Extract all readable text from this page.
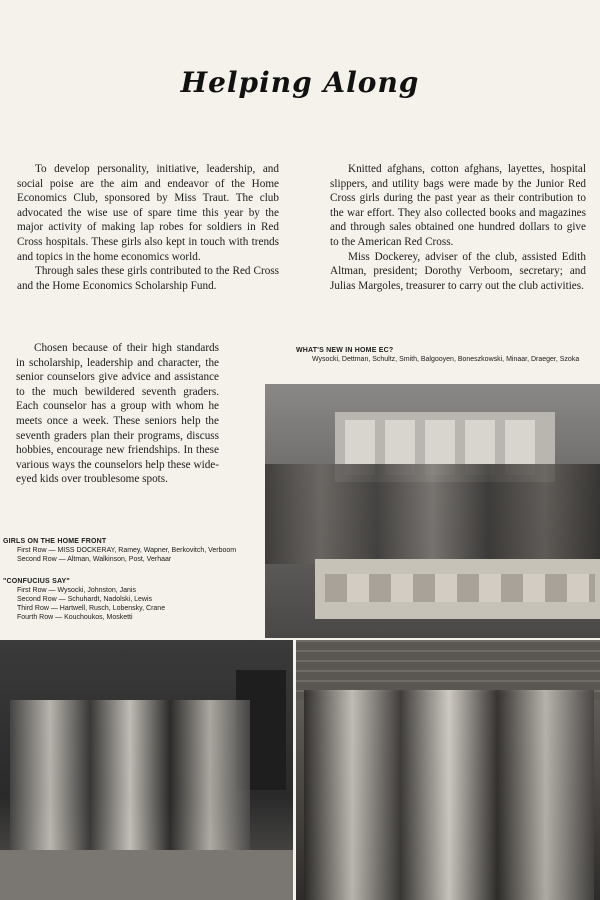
Helping Along

To develop personality, initiative, leadership, and social poise are the aim and endeavor of the Home Economics Club, sponsored by Miss Traut. The club advocated the wise use of spare time this year by the major activity of making lap robes for soldiers in Red Cross hospitals. These girls also kept in touch with trends and topics in the home economics world.

Through sales these girls contributed to the Red Cross and the Home Economics Scholarship Fund.

Knitted afghans, cotton afghans, layettes, hospital slippers, and utility bags were made by the Junior Red Cross girls during the past year as their contribution to the war effort. They also collected books and magazines and through sales obtained one hundred dollars to give to the American Red Cross.

Miss Dockerey, adviser of the club, assisted Edith Altman, president; Dorothy Verboom, secretary; and Julias Margoles, treasurer to carry out the club activities.

Chosen because of their high standards in scholarship, leadership and character, the senior counselors give advice and assistance to the much bewildered seventh graders. Each counselor has a group with whom he meets once a week. These seniors help the seventh graders plan their programs, discuss hobbies, encourage new friendships. In these various ways the counselors help these wide-eyed kids over troublesome spots.

WHAT'S NEW IN HOME EC?
Wysocki, Dettman, Schultz, Smith, Balgooyen, Boneszkowski, Minaar, Draeger, Szoka
GIRLS ON THE HOME FRONT
First Row — MISS DOCKERAY, Ramey, Wapner, Berkovitch, Verboom
Second Row — Altman, Walkinson, Post, Verhaar
"CONFUCIUS SAY"
First Row — Wysocki, Johnston, Janis
Second Row — Schuhardt, Nadolski, Lewis
Third Row — Hartwell, Rusch, Lobensky, Crane
Fourth Row — Kouchoukos, Mosketti
